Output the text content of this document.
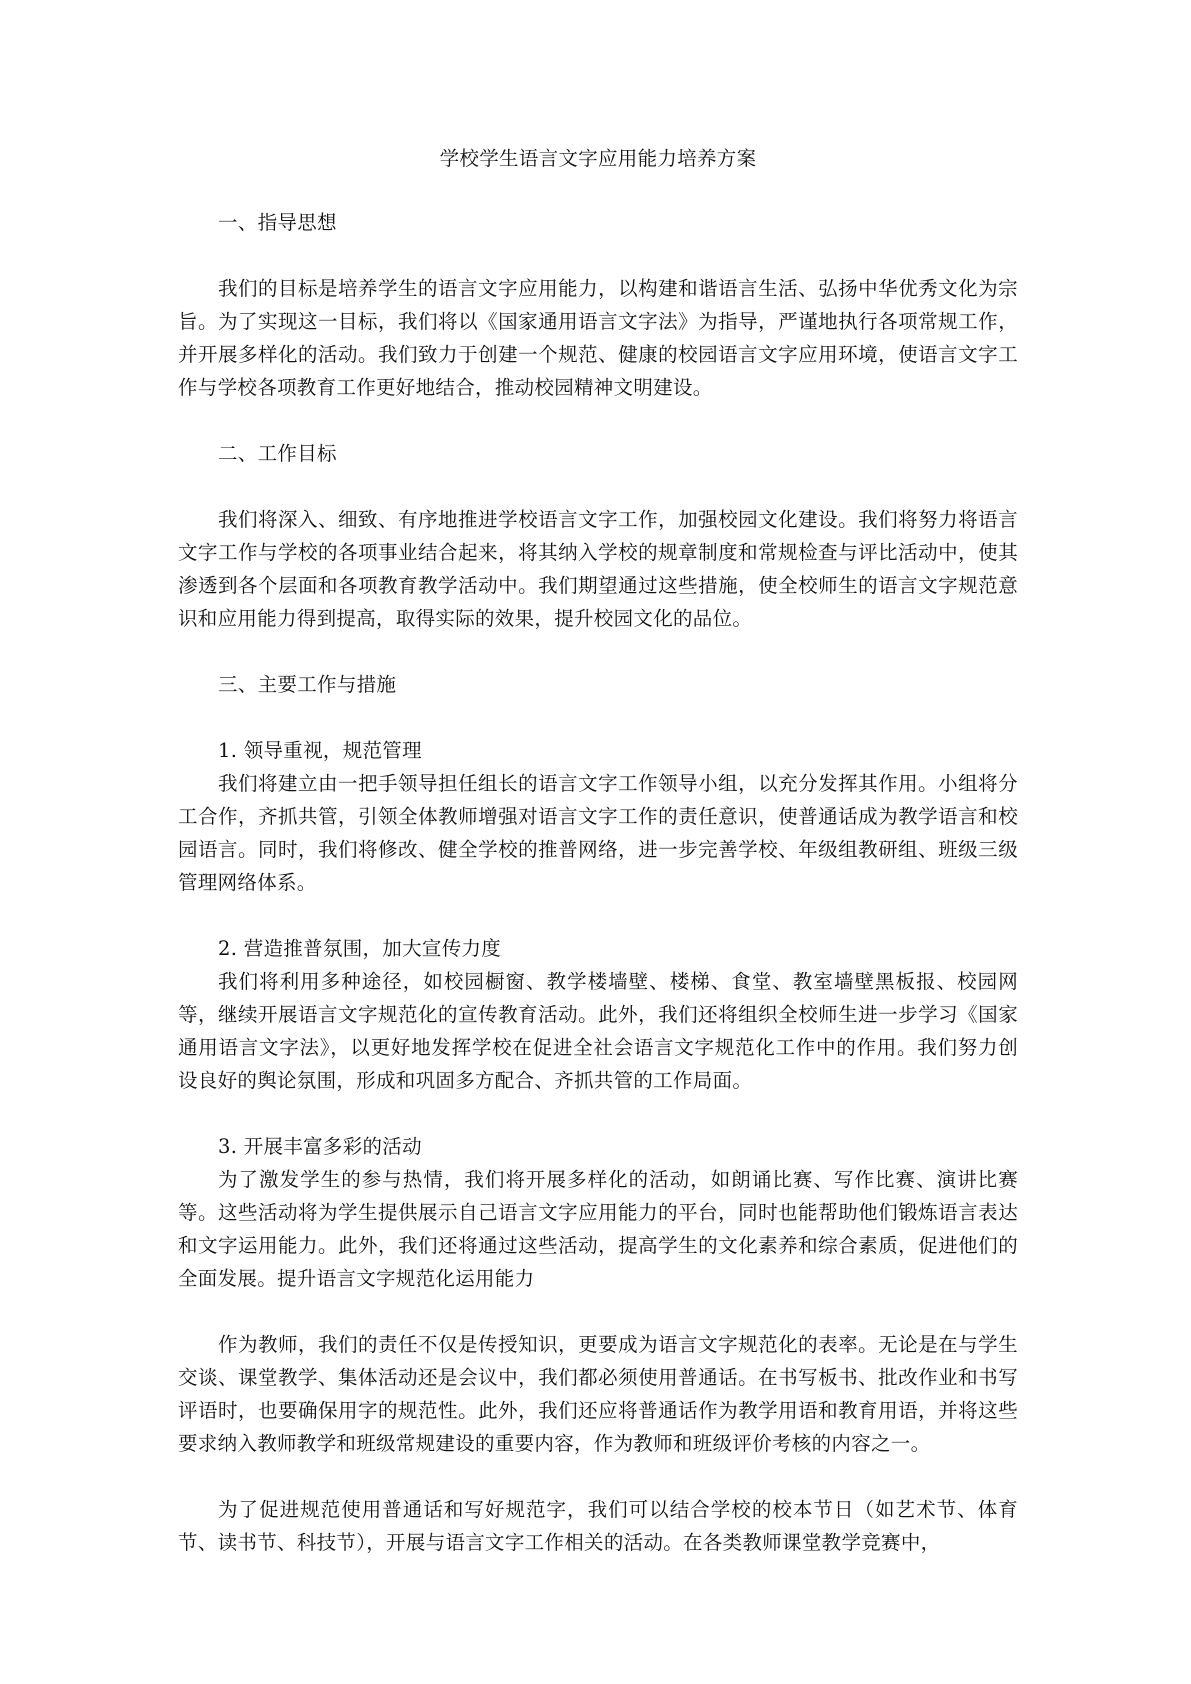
学校学生语言文字应用能力培养方案

一、指导思想

我们的目标是培养学生的语言文字应用能力，以构建和谐语言生活、弘扬中华优秀文化为宗旨。为了实现这一目标，我们将以《国家通用语言文字法》为指导，严谨地执行各项常规工作，并开展多样化的活动。我们致力于创建一个规范、健康的校园语言文字应用环境，使语言文字工作与学校各项教育工作更好地结合，推动校园精神文明建设。

二、工作目标

我们将深入、细致、有序地推进学校语言文字工作，加强校园文化建设。我们将努力将语言文字工作与学校的各项事业结合起来，将其纳入学校的规章制度和常规检查与评比活动中，使其渗透到各个层面和各项教育教学活动中。我们期望通过这些措施，使全校师生的语言文字规范意识和应用能力得到提高，取得实际的效果，提升校园文化的品位。

三、主要工作与措施

1. 领导重视，规范管理

我们将建立由一把手领导担任组长的语言文字工作领导小组，以充分发挥其作用。小组将分工合作，齐抓共管，引领全体教师增强对语言文字工作的责任意识，使普通话成为教学语言和校园语言。同时，我们将修改、健全学校的推普网络，进一步完善学校、年级组教研组、班级三级管理网络体系。

2. 营造推普氛围，加大宣传力度

我们将利用多种途径，如校园橱窗、教学楼墙壁、楼梯、食堂、教室墙壁黑板报、校园网等，继续开展语言文字规范化的宣传教育活动。此外，我们还将组织全校师生进一步学习《国家通用语言文字法》，以更好地发挥学校在促进全社会语言文字规范化工作中的作用。我们努力创设良好的舆论氛围，形成和巩固多方配合、齐抓共管的工作局面。

3. 开展丰富多彩的活动

为了激发学生的参与热情，我们将开展多样化的活动，如朗诵比赛、写作比赛、演讲比赛等。这些活动将为学生提供展示自己语言文字应用能力的平台，同时也能帮助他们锻炼语言表达和文字运用能力。此外，我们还将通过这些活动，提高学生的文化素养和综合素质，促进他们的全面发展。提升语言文字规范化运用能力

作为教师，我们的责任不仅是传授知识，更要成为语言文字规范化的表率。无论是在与学生交谈、课堂教学、集体活动还是会议中，我们都必须使用普通话。在书写板书、批改作业和书写评语时，也要确保用字的规范性。此外，我们还应将普通话作为教学用语和教育用语，并将这些要求纳入教师教学和班级常规建设的重要内容，作为教师和班级评价考核的内容之一。

为了促进规范使用普通话和写好规范字，我们可以结合学校的校本节日（如艺术节、体育节、读书节、科技节），开展与语言文字工作相关的活动。在各类教师课堂教学竞赛中，
